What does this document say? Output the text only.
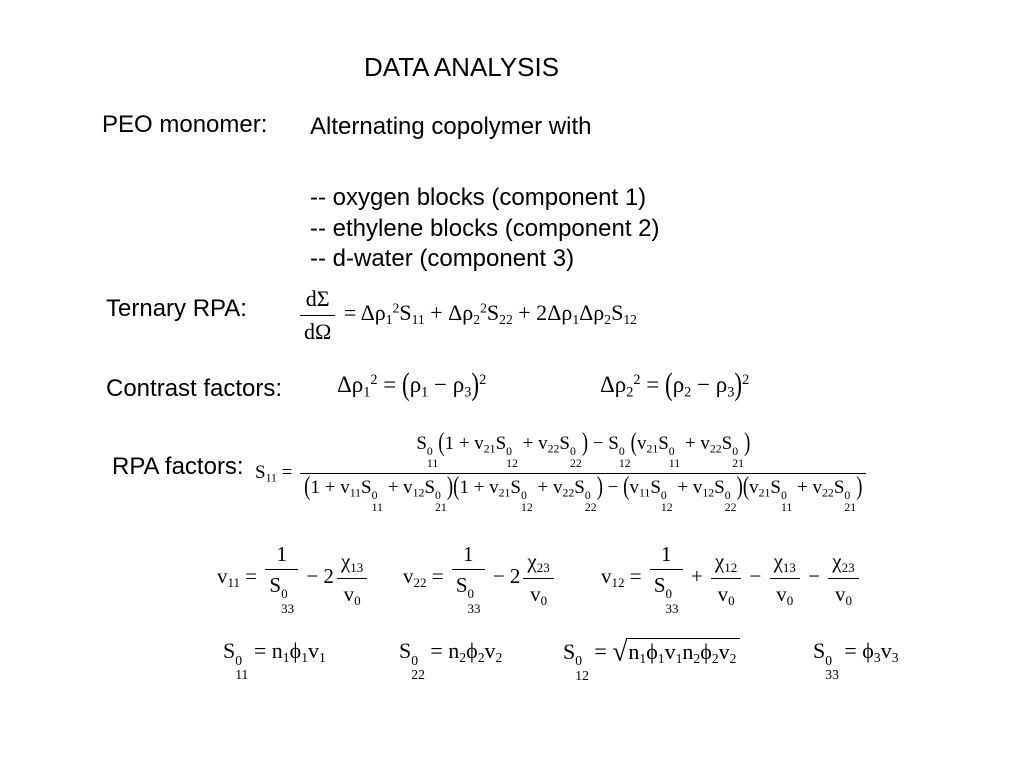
DATA ANALYSIS
PEO monomer: Alternating copolymer with
-- oxygen blocks (component 1)
-- ethylene blocks (component 2)
-- d-water (component 3)
Ternary RPA: $\frac{d\Sigma}{d\Omega} = \Delta\rho_1^2S_{11} + \Delta\rho_2^2S_{22} + 2\Delta\rho_1\Delta\rho_2S_{12}$
Contrast factors: $\Delta\rho_1^2 = (\rho_1 - \rho_3)^2$	$\Delta\rho_2^2 = (\rho_2 - \rho_3)^2$
RPA factors: $S_{11}$ =
S 0
11
($1 + v_{21}S$ 0
12
+ $v_{22}S$ 0
22
) − S 0
12
($v_{21}S$ 0
11
+ $v_{22}S$ 0
21
)
($1 + v_{11}S$ 0
11
+ $v_{12}S$ 0
21
)($1 + v_{21}S$ 0
12
+ $v_{22}S$ 0
22
) − ($v_{11}S$ 0
12
+ $v_{12}S$ 0
22
)($v_{21}S$ 0
11
+ $v_{22}S$ 0
21
)
$v_{11} = 1$
S 0
$33 - 2 \frac{\chi_{13}}{v_0} v_{22} = 1$
S 0
$33 - 2 \frac{\chi_{23}}{v_0} v_{12} = 1$
S 0
$33 + \frac{\chi_{12}}{v_0} - \frac{\chi_{13}}{v_0} - \frac{\chi_{23}}{v_0}$
S 0
11
= $n_1\phi_1v_1$	S 0
22
= $n_2\phi_2v_2$	S 0
12
= $√n_1\phi_1v_1n_2\phi_2v_2$	S 0
33
= $\phi_3v_3$
